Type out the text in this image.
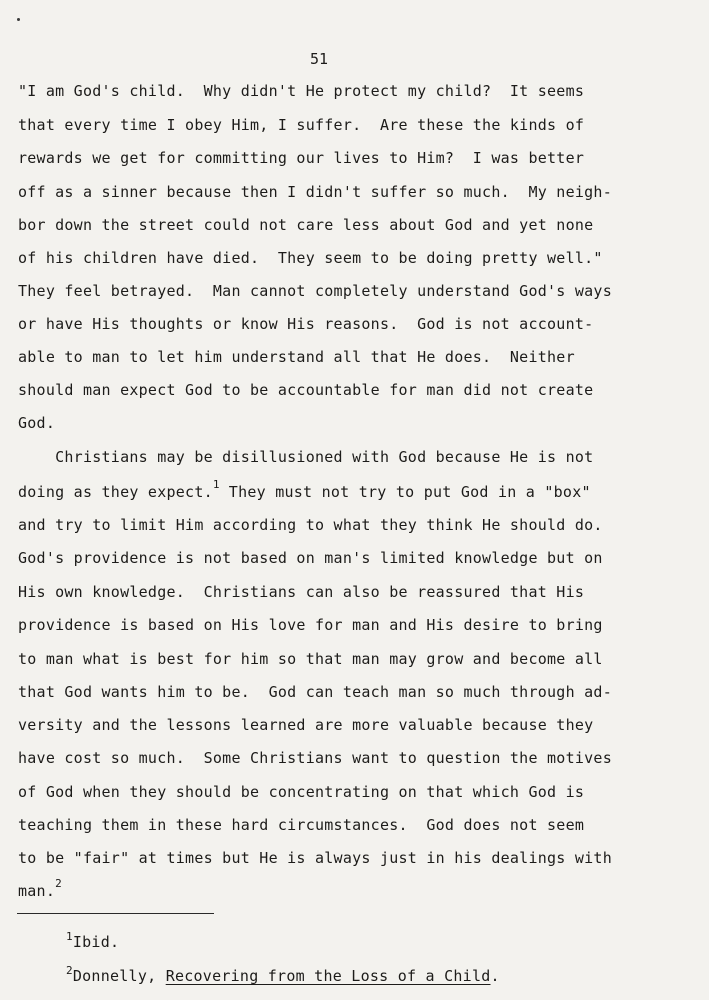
51
"I am God's child.  Why didn't He protect my child?  It seems
that every time I obey Him, I suffer.  Are these the kinds of
rewards we get for committing our lives to Him?  I was better
off as a sinner because then I didn't suffer so much.  My neigh-
bor down the street could not care less about God and yet none
of his children have died.  They seem to be doing pretty well."
They feel betrayed.  Man cannot completely understand God's ways
or have His thoughts or know His reasons.  God is not account-
able to man to let him understand all that He does.  Neither
should man expect God to be accountable for man did not create
God.
Christians may be disillusioned with God because He is not
doing as they expect.$^1$ They must not try to put God in a "box"
and try to limit Him according to what they think He should do.
God's providence is not based on man's limited knowledge but on
His own knowledge.  Christians can also be reassured that His
providence is based on His love for man and His desire to bring
to man what is best for him so that man may grow and become all
that God wants him to be.  God can teach man so much through ad-
versity and the lessons learned are more valuable because they
have cost so much.  Some Christians want to question the motives
of God when they should be concentrating on that which God is
teaching them in these hard circumstances.  God does not seem
to be "fair" at times but He is always just in his dealings with
man.$^2$
$^1$Ibid.
$^2$Donnelly, Recovering from the Loss of a Child.
